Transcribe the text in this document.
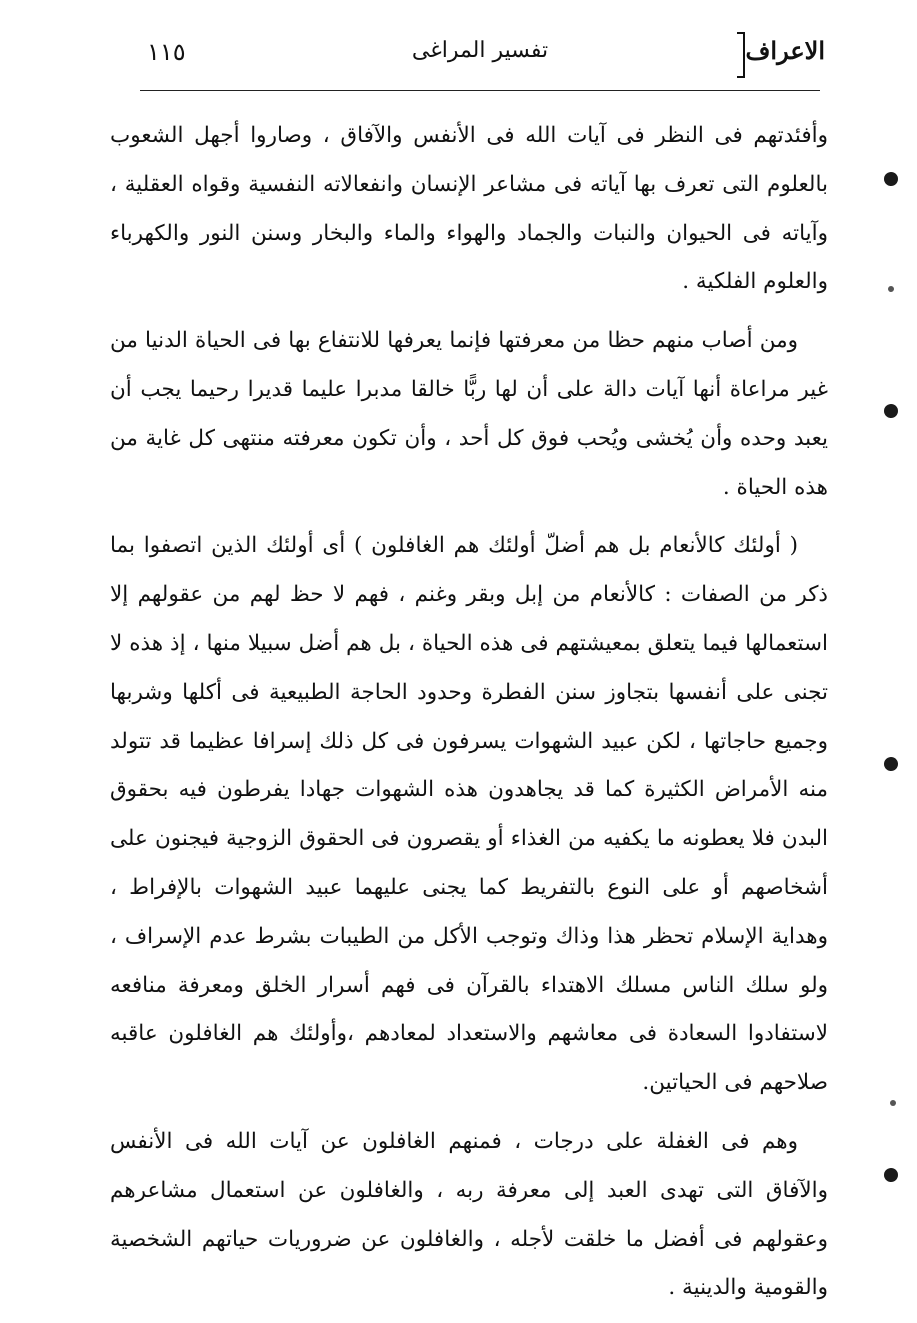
الاعراف
تفسير المراغى
١١٥

وأفئدتهم فى النظر فى آيات الله فى الأنفس والآفاق ، وصاروا أجهل الشعوب بالعلوم التى تعرف بها آياته فى مشاعر الإنسان وانفعالاته النفسية وقواه العقلية ، وآياته فى الحيوان والنبات والجماد والهواء والماء والبخار وسنن النور والكهرباء والعلوم الفلكية .

ومن أصاب منهم حظا من معرفتها فإنما يعرفها للانتفاع بها فى الحياة الدنيا من غير مراعاة أنها آيات دالة على أن لها ربًّا خالقا مدبرا عليما قديرا رحيما يجب أن يعبد وحده وأن يُخشى ويُحب فوق كل أحد ، وأن تكون معرفته منتهى كل غاية من هذه الحياة .

( أولئك كالأنعام بل هم أضلّ أولئك هم الغافلون ) أى أولئك الذين اتصفوا بما ذكر من الصفات : كالأنعام من إبل وبقر وغنم ، فهم لا حظ لهم من عقولهم إلا استعمالها فيما يتعلق بمعيشتهم فى هذه الحياة ، بل هم أضل سبيلا منها ، إذ هذه لا تجنى على أنفسها بتجاوز سنن الفطرة وحدود الحاجة الطبيعية فى أكلها وشربها وجميع حاجاتها ، لكن عبيد الشهوات يسرفون فى كل ذلك إسرافا عظيما قد تتولد منه الأمراض الكثيرة كما قد يجاهدون هذه الشهوات جهادا يفرطون فيه بحقوق البدن فلا يعطونه ما يكفيه من الغذاء أو يقصرون فى الحقوق الزوجية فيجنون على أشخاصهم أو على النوع بالتفريط كما يجنى عليهما عبيد الشهوات بالإفراط ، وهداية الإسلام تحظر هذا وذاك وتوجب الأكل من الطيبات بشرط عدم الإسراف ، ولو سلك الناس مسلك الاهتداء بالقرآن فى فهم أسرار الخلق ومعرفة منافعه لاستفادوا السعادة فى معاشهم والاستعداد لمعادهم ،وأولئك هم الغافلون عاقبه صلاحهم فى الحياتين.

وهم فى الغفلة على درجات ، فمنهم الغافلون عن آيات الله فى الأنفس والآفاق التى تهدى العبد إلى معرفة ربه ، والغافلون عن استعمال مشاعرهم وعقولهم فى أفضل ما خلقت لأجله ، والغافلون عن ضروريات حياتهم الشخصية والقومية والدينية .
